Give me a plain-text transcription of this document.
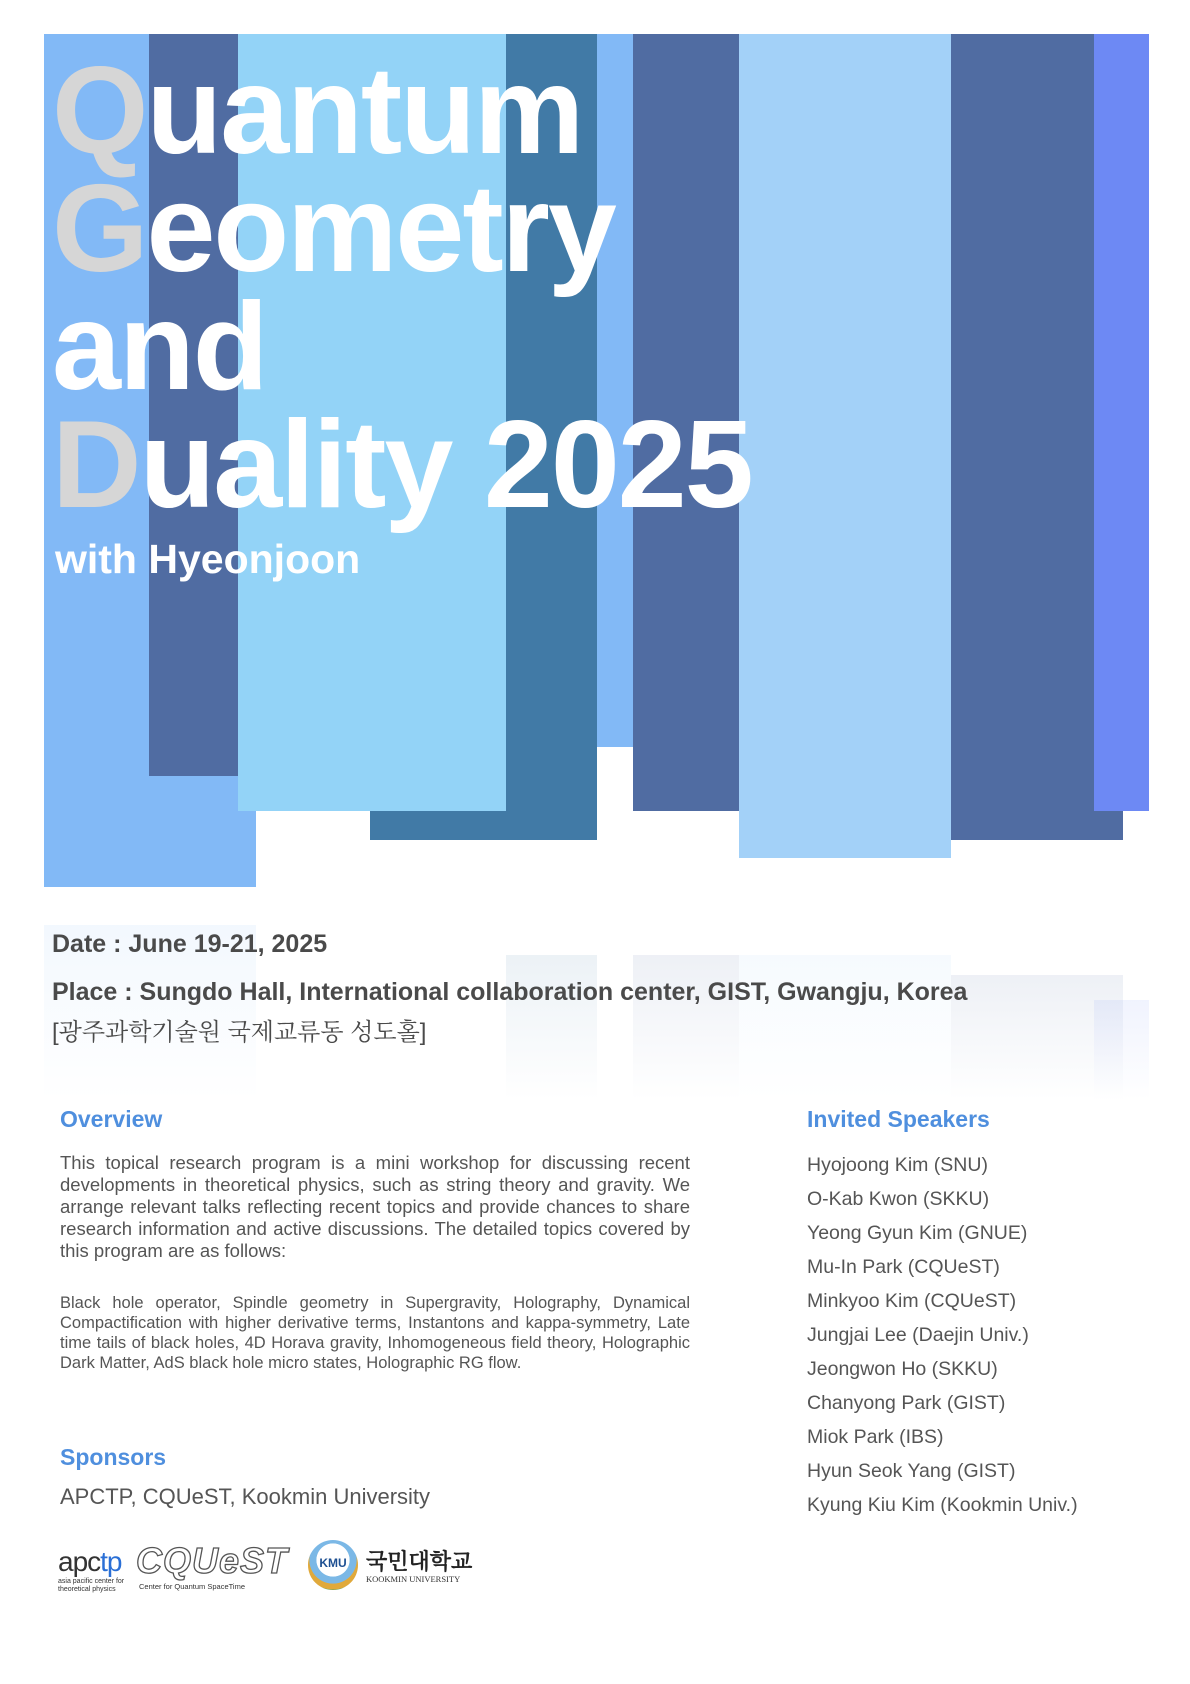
Quantum
Geometry
and
Duality 2025
with Hyeonjoon
Date : June 19-21, 2025
Place : Sungdo Hall, International collaboration center, GIST, Gwangju, Korea
[광주과학기술원 국제교류동 성도홀]
Overview
This topical research program is a mini workshop for discussing recent developments in theoretical physics, such as string theory and gravity. We arrange relevant talks reflecting recent topics and provide chances to share research information and active discussions. The detailed topics covered by this program are as follows:
Black hole operator, Spindle geometry in Supergravity, Holography, Dynamical Compactification with higher derivative terms, Instantons and kappa-symmetry, Late time tails of black holes, 4D Horava gravity, Inhomogeneous field theory, Holographic Dark Matter, AdS black hole micro states, Holographic RG flow.
Sponsors
APCTP, CQUeST, Kookmin University
apctp
asia pacific center for
theoretical physics
CQUeST
Center for Quantum SpaceTime
KMU 국민대학교
KOOKMIN UNIVERSITY
Invited Speakers
Hyojoong Kim (SNU)
O-Kab Kwon (SKKU)
Yeong Gyun Kim (GNUE)
Mu-In Park (CQUeST)
Minkyoo Kim (CQUeST)
Jungjai Lee (Daejin Univ.)
Jeongwon Ho (SKKU)
Chanyong Park (GIST)
Miok Park (IBS)
Hyun Seok Yang (GIST)
Kyung Kiu Kim (Kookmin Univ.)
